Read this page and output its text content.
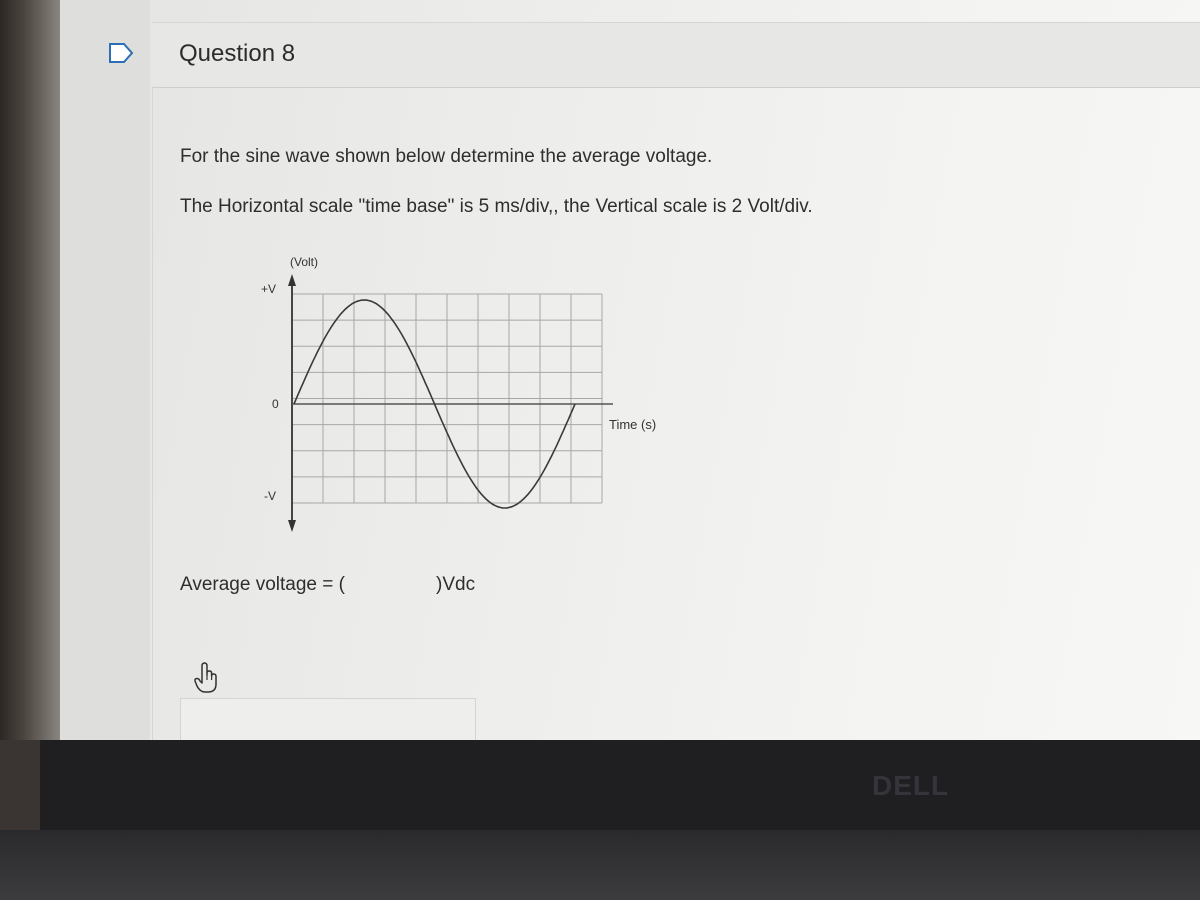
Question 8
For the sine wave shown below determine the average voltage.
The Horizontal scale "time base" is 5 ms/div,, the Vertical scale is 2 Volt/div.
(Volt)
+V
0
-V
Time (s)
Average voltage = (	)Vdc
DELL
